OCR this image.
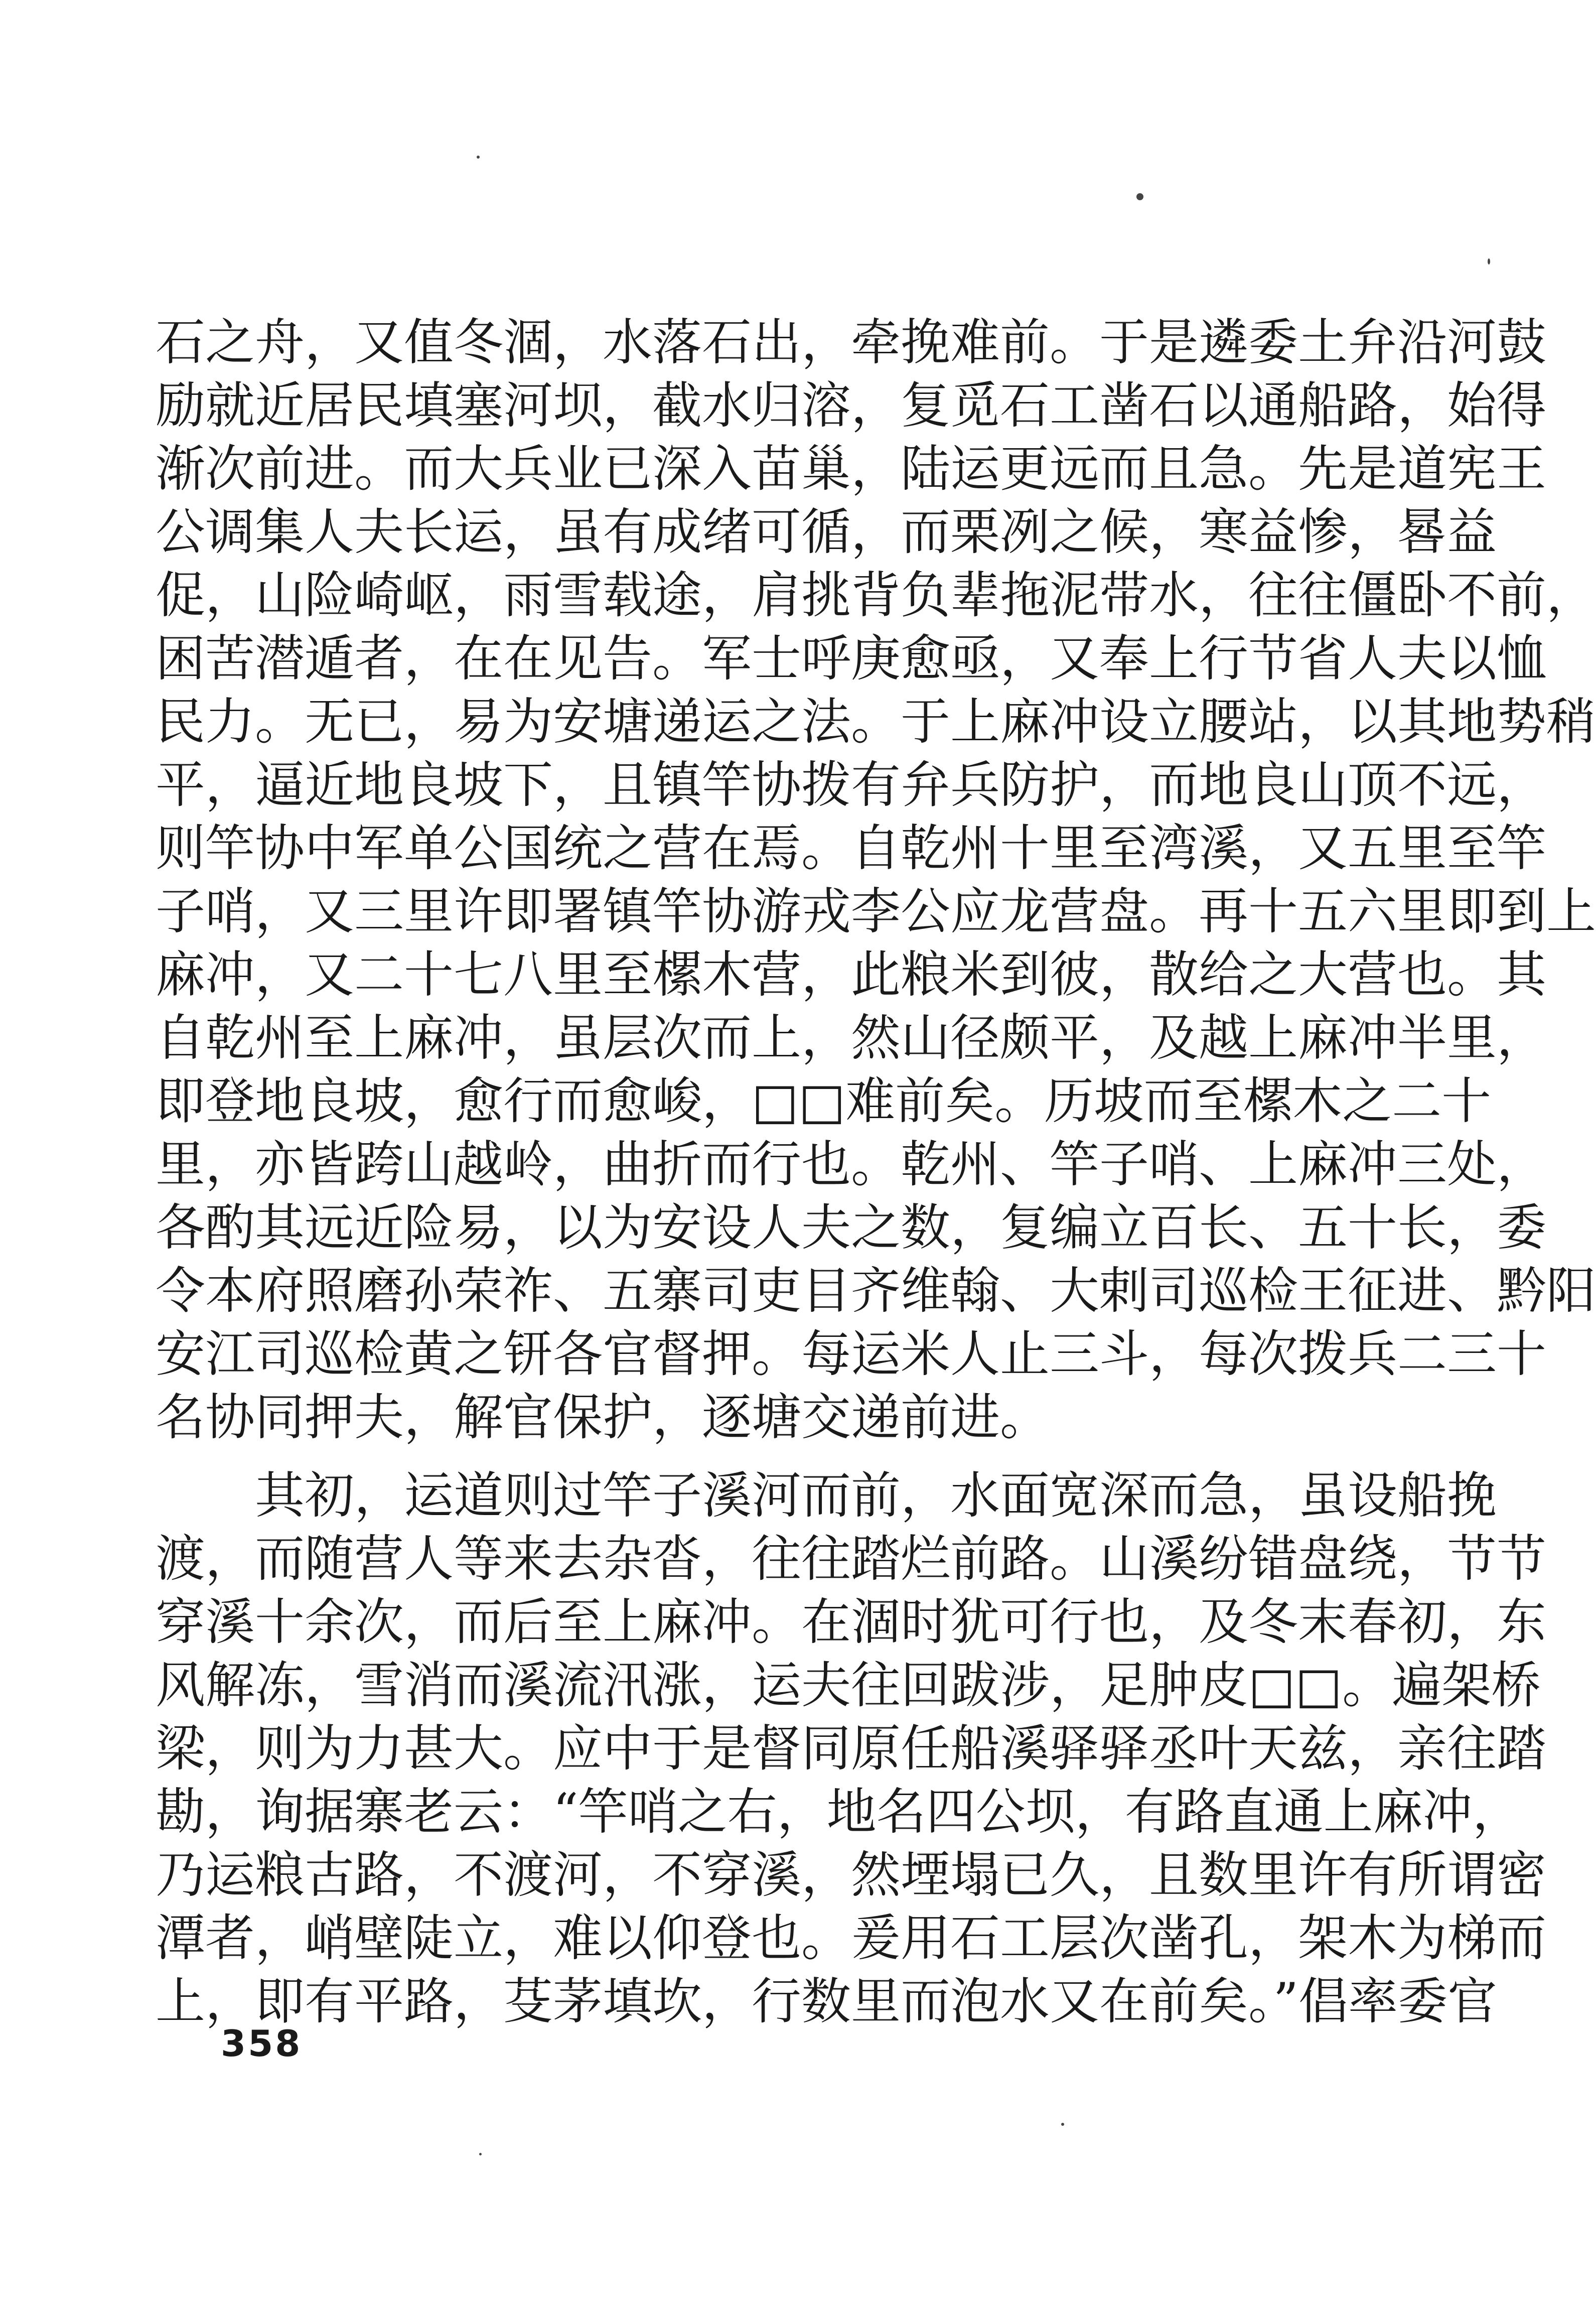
石之舟，又值冬涸，水落石出，牵挽难前。于是遴委土弁沿河鼓
励就近居民填塞河坝，截水归溶，复觅石工凿石以通船路，始得
渐次前进。而大兵业已深入苗巢，陆运更远而且急。先是道宪王
公调集人夫长运，虽有成绪可循，而栗冽之候，寒益惨，晷益
促，山险崎岖，雨雪载途，肩挑背负辈拖泥带水，往往僵卧不前，
困苦潜遁者，在在见告。军士呼庚愈亟，又奉上行节省人夫以恤
民力。无已，易为安塘递运之法。于上麻冲设立腰站，以其地势稍
平，逼近地良坡下，且镇竿协拨有弁兵防护，而地良山顶不远，
则竿协中军单公国统之营在焉。自乾州十里至湾溪，又五里至竿
子哨，又三里许即署镇竿协游戎李公应龙营盘。再十五六里即到上
麻冲，又二十七八里至樏木营，此粮米到彼，散给之大营也。其
自乾州至上麻冲，虽层次而上，然山径颇平，及越上麻冲半里，
即登地良坡，愈行而愈峻，□□难前矣。历坡而至樏木之二十
里，亦皆跨山越岭，曲折而行也。乾州、竿子哨、上麻冲三处，
各酌其远近险易，以为安设人夫之数，复编立百长、五十长，委
令本府照磨孙荣祚、五寨司吏目齐维翰、大剌司巡检王征进、黔阳
安江司巡检黄之钘各官督押。每运米人止三斗，每次拨兵二三十
名协同押夫，解官保护，逐塘交递前进。
其初，运道则过竿子溪河而前，水面宽深而急，虽设船挽
渡，而随营人等来去杂沓，往往踏烂前路。山溪纷错盘绕，节节
穿溪十余次，而后至上麻冲。在涸时犹可行也，及冬末春初，东
风解冻，雪消而溪流汛涨，运夫往回跋涉，足肿皮□□。遍架桥
梁，则为力甚大。应中于是督同原任船溪驿驿丞叶天兹，亲往踏
勘，询据寨老云：“竿哨之右，地名四公坝，有路直通上麻冲，
乃运粮古路，不渡河，不穿溪，然堙塌已久，且数里许有所谓密
潭者，峭壁陡立，难以仰登也。爰用石工层次凿孔，架木为梯而
上，即有平路，芟茅填坎，行数里而泡水又在前矣。”倡率委官
358
